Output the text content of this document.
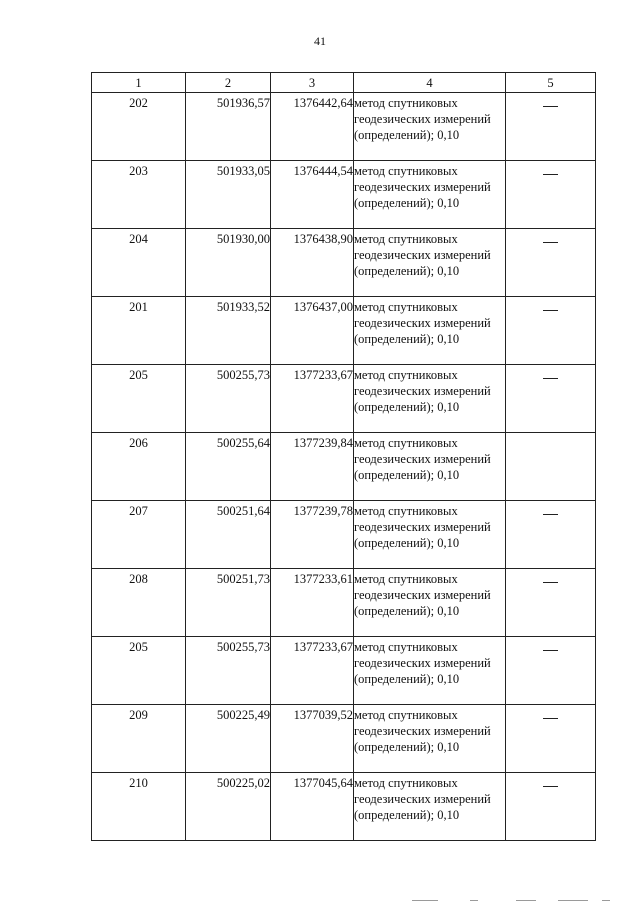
41
1	2	3	4	5
202	501936,57	1376442,64	метод спутниковых геодезических измерений (определений); 0,10	
203	501933,05	1376444,54	метод спутниковых геодезических измерений (определений); 0,10	
204	501930,00	1376438,90	метод спутниковых геодезических измерений (определений); 0,10	
201	501933,52	1376437,00	метод спутниковых геодезических измерений (определений); 0,10	
205	500255,73	1377233,67	метод спутниковых геодезических измерений (определений); 0,10	
206	500255,64	1377239,84	метод спутниковых геодезических измерений (определений); 0,10	
207	500251,64	1377239,78	метод спутниковых геодезических измерений (определений); 0,10	
208	500251,73	1377233,61	метод спутниковых геодезических измерений (определений); 0,10	
205	500255,73	1377233,67	метод спутниковых геодезических измерений (определений); 0,10	
209	500225,49	1377039,52	метод спутниковых геодезических измерений (определений); 0,10	
210	500225,02	1377045,64	метод спутниковых геодезических измерений (определений); 0,10	
